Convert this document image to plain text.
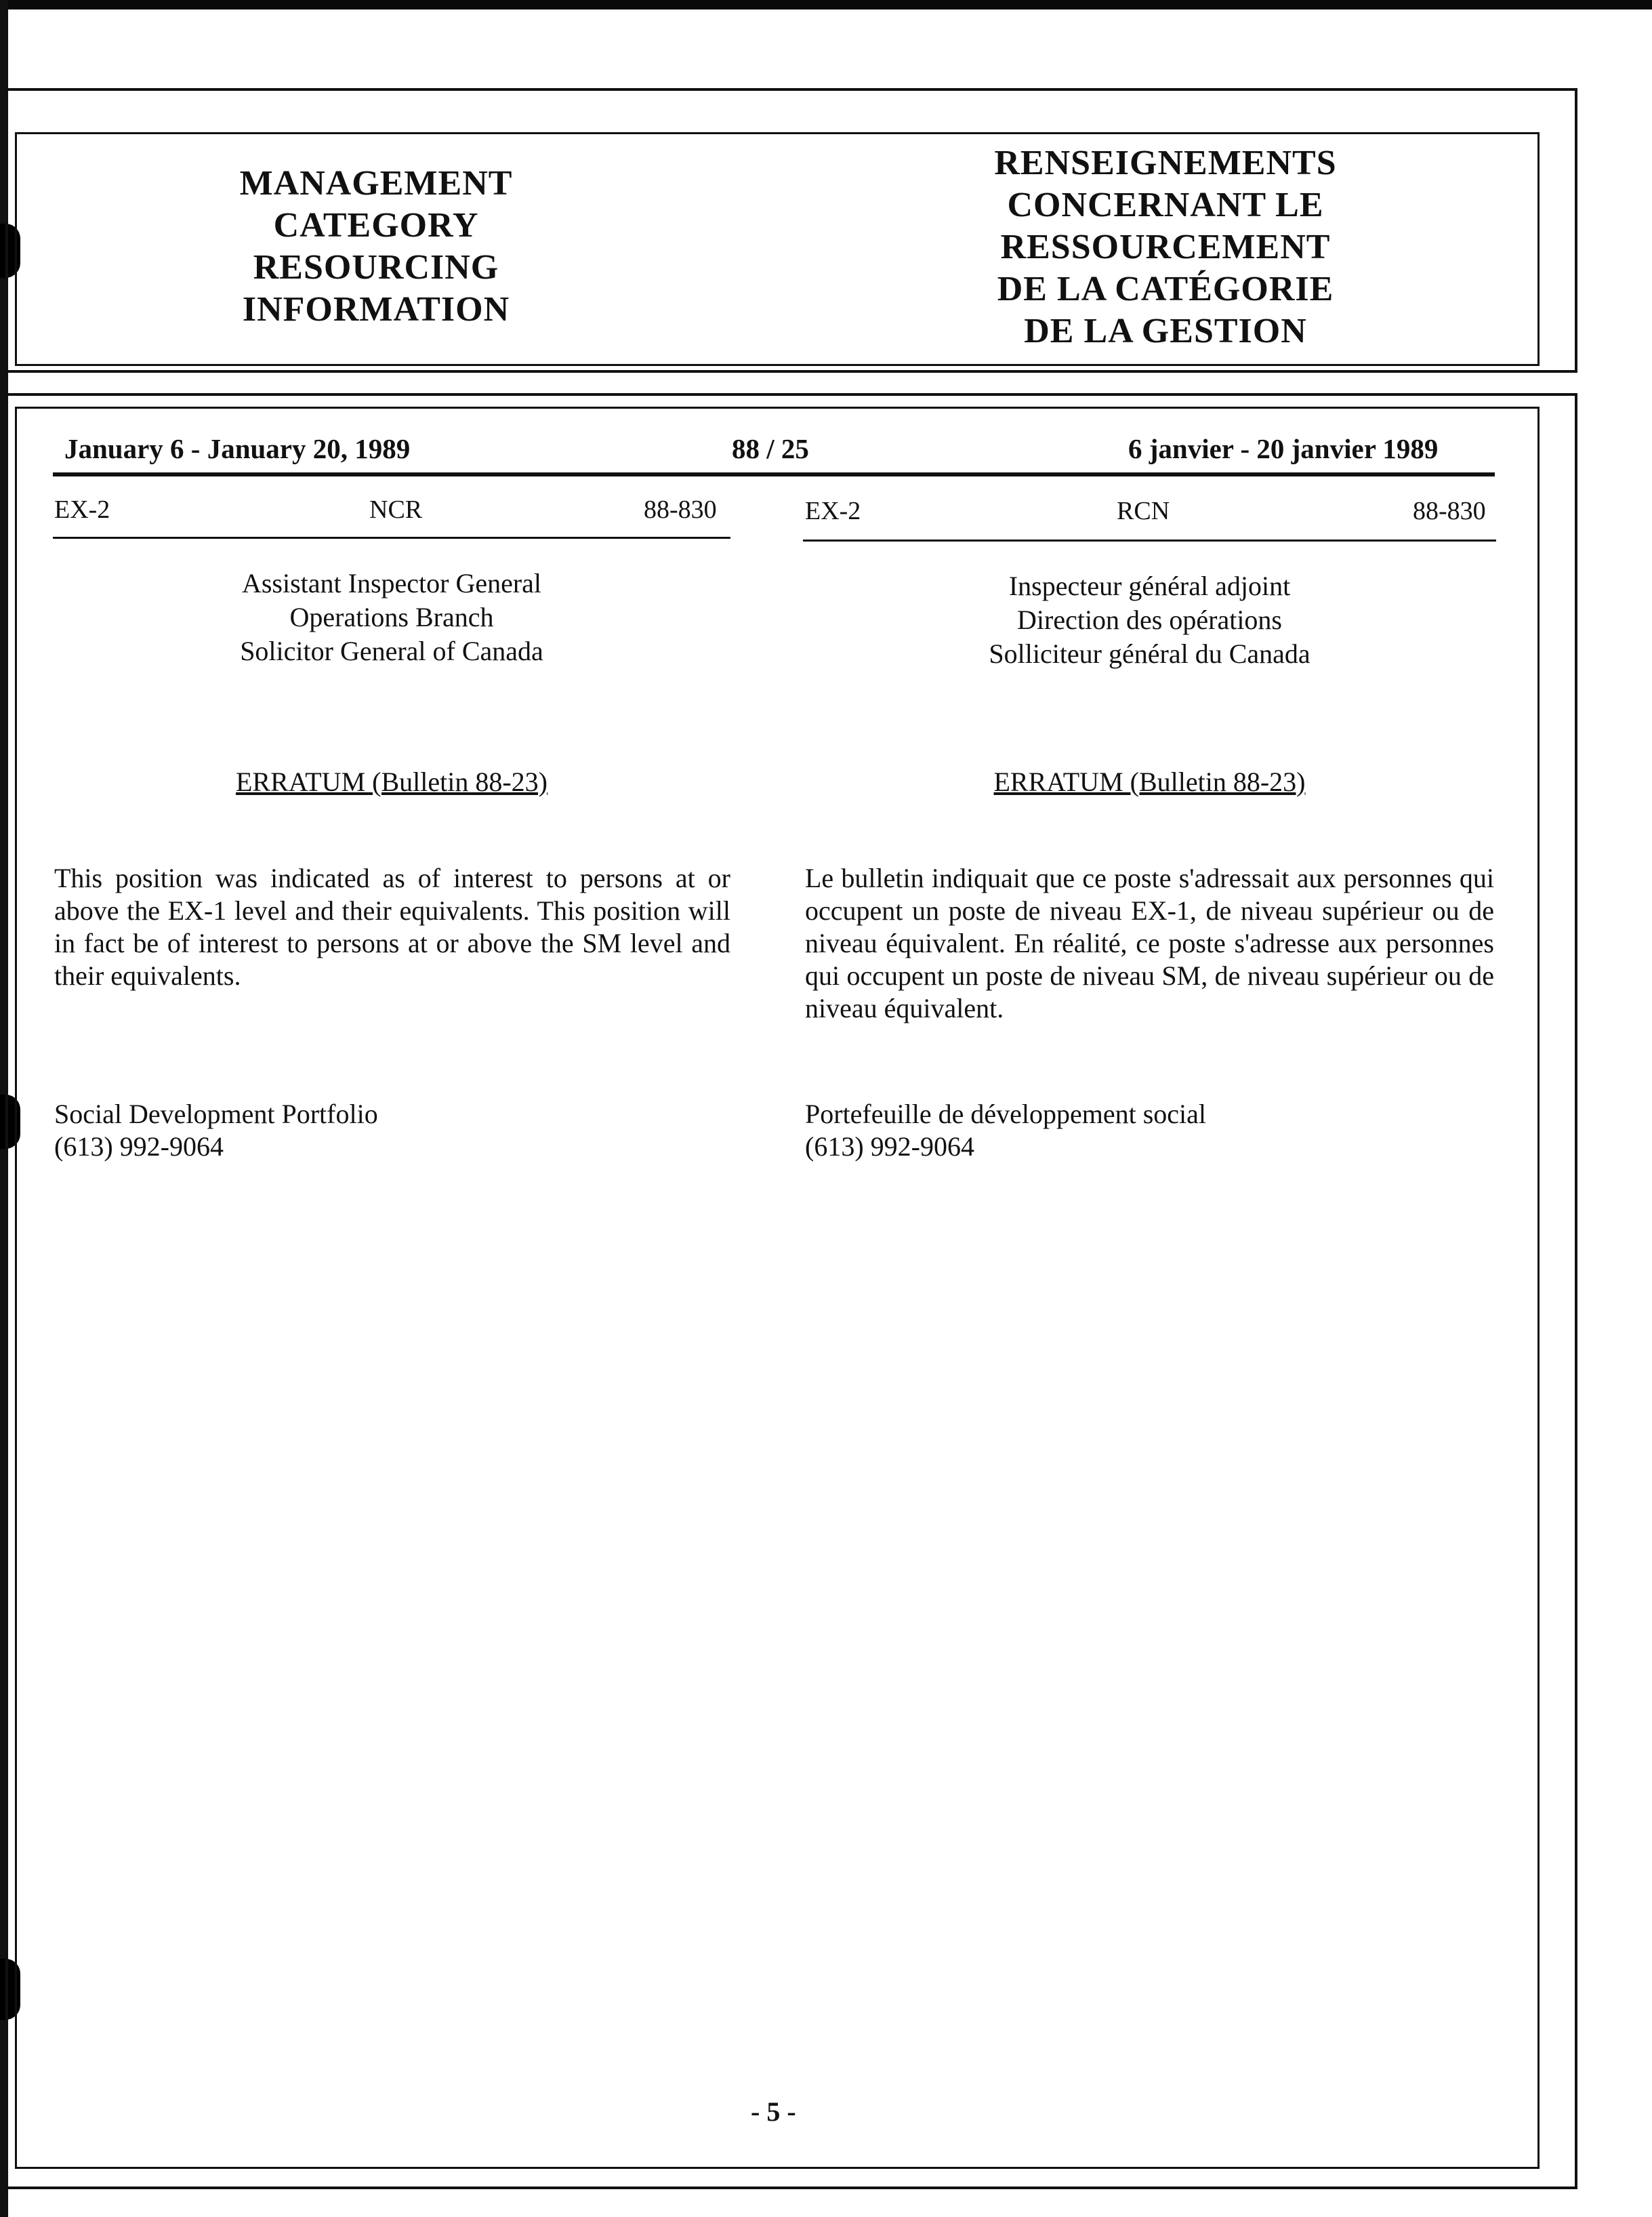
MANAGEMENT
CATEGORY
RESOURCING
INFORMATION
RENSEIGNEMENTS
CONCERNANT LE
RESSOURCEMENT
DE LA CATÉGORIE
DE LA GESTION
January 6 - January 20, 1989	88 / 25	6 janvier - 20 janvier 1989
EX-2	NCR	88-830
Assistant Inspector General
Operations Branch
Solicitor General of Canada
ERRATUM (Bulletin 88-23)
This position was indicated as of interest to persons at or above the EX-1 level and their equivalents. This position will in fact be of interest to persons at or above the SM level and their equivalents.
Social Development Portfolio
(613) 992-9064
EX-2	RCN	88-830
Inspecteur général adjoint
Direction des opérations
Solliciteur général du Canada
ERRATUM (Bulletin 88-23)
Le bulletin indiquait que ce poste s'adressait aux personnes qui occupent un poste de niveau EX-1, de niveau supérieur ou de niveau équivalent. En réalité, ce poste s'adresse aux personnes qui occupent un poste de niveau SM, de niveau supérieur ou de niveau équivalent.
Portefeuille de développement social
(613) 992-9064
- 5 -
